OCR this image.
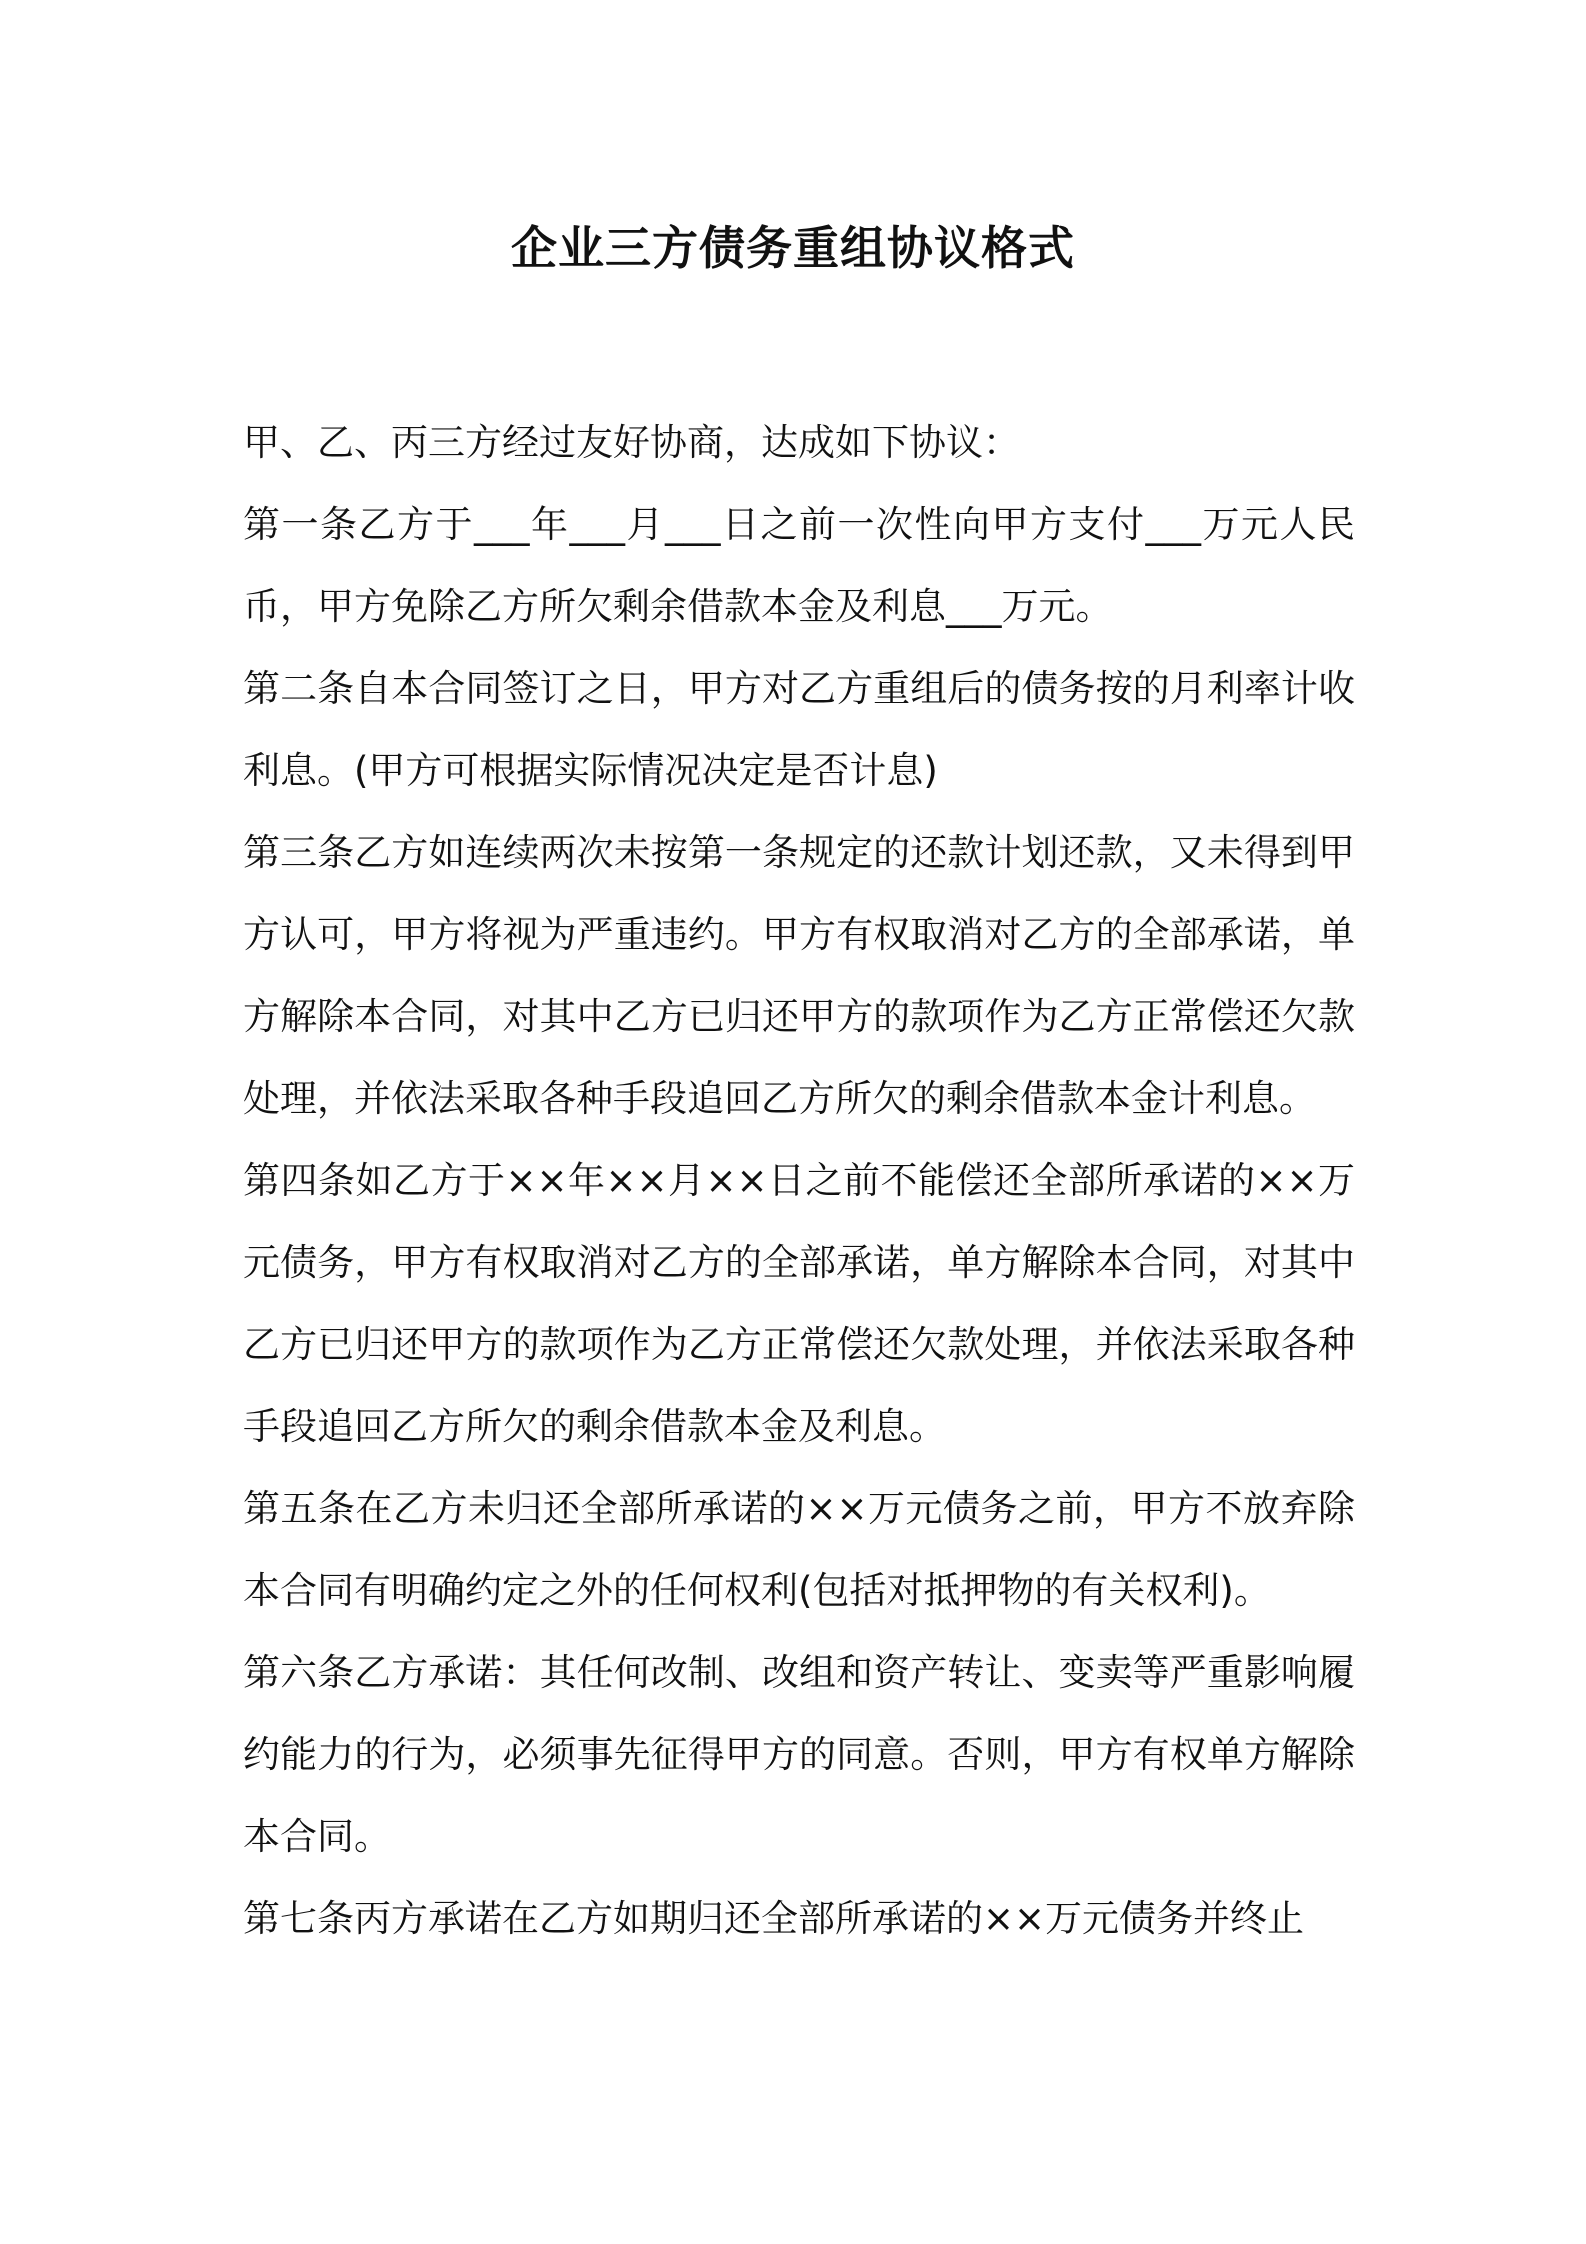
企业三方债务重组协议格式

甲、乙、丙三方经过友好协商，达成如下协议：

第一条乙方于___年___月___日之前一次性向甲方支付___万元人民币，甲方免除乙方所欠剩余借款本金及利息___万元。

第二条自本合同签订之日，甲方对乙方重组后的债务按的月利率计收利息。(甲方可根据实际情况决定是否计息)

第三条乙方如连续两次未按第一条规定的还款计划还款，又未得到甲方认可，甲方将视为严重违约。甲方有权取消对乙方的全部承诺，单方解除本合同，对其中乙方已归还甲方的款项作为乙方正常偿还欠款处理，并依法采取各种手段追回乙方所欠的剩余借款本金计利息。

第四条如乙方于××年××月××日之前不能偿还全部所承诺的××万元债务，甲方有权取消对乙方的全部承诺，单方解除本合同，对其中乙方已归还甲方的款项作为乙方正常偿还欠款处理，并依法采取各种手段追回乙方所欠的剩余借款本金及利息。

第五条在乙方未归还全部所承诺的××万元债务之前，甲方不放弃除本合同有明确约定之外的任何权利(包括对抵押物的有关权利)。

第六条乙方承诺：其任何改制、改组和资产转让、变卖等严重影响履约能力的行为，必须事先征得甲方的同意。否则，甲方有权单方解除本合同。

第七条丙方承诺在乙方如期归还全部所承诺的××万元债务并终止
